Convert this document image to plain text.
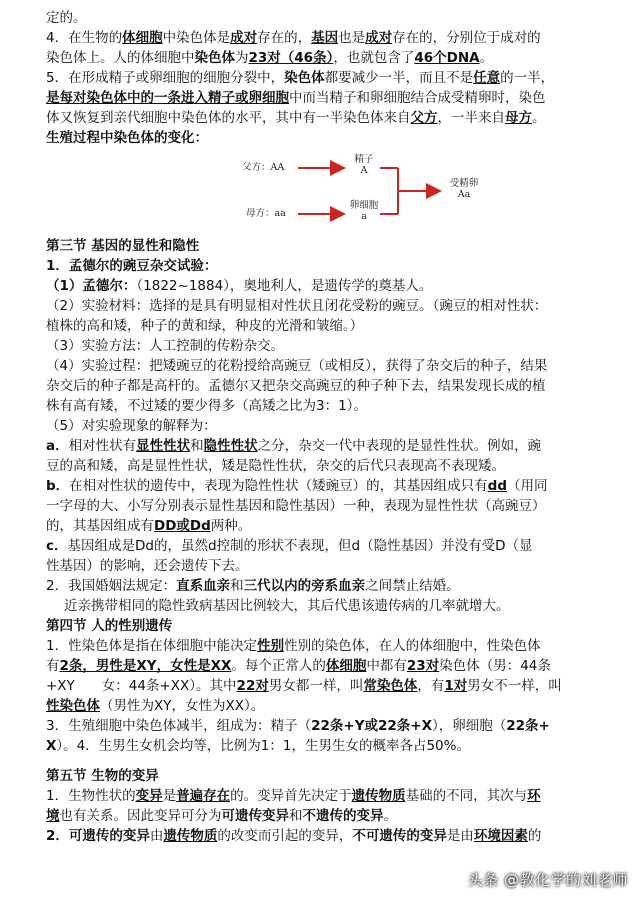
定的。
4．在生物的体细胞中染色体是成对存在的，基因也是成对存在的，分别位于成对的
染色体上。人的体细胞中染色体为23对（46条），也就包含了46个DNA。
5．在形成精子或卵细胞的细胞分裂中，染色体都要减少一半，而且不是任意的一半，
是每对染色体中的一条进入精子或卵细胞中而当精子和卵细胞结合成受精卵时，染色
体又恢复到亲代细胞中染色体的水平，其中有一半染色体来自父方，一半来自母方。
生殖过程中染色体的变化：
父方：AA
母方：aa
精子
A
卵细胞
a
受精卵
Aa
第三节 基因的显性和隐性
1．孟德尔的豌豆杂交试验：
（1）孟德尔：（1822~1884），奥地利人，是遗传学的奠基人。
（2）实验材料：选择的是具有明显相对性状且闭花受粉的豌豆。（豌豆的相对性状：
植株的高和矮，种子的黄和绿，种皮的光滑和皱缩。）
（3）实验方法：人工控制的传粉杂交。
（4）实验过程：把矮豌豆的花粉授给高豌豆（或相反），获得了杂交后的种子，结果
杂交后的种子都是高杆的。孟德尔又把杂交高豌豆的种子种下去，结果发现长成的植
株有高有矮，不过矮的要少得多（高矮之比为3：1）。
（5）对实验现象的解释为：
a．相对性状有显性性状和隐性性状之分，杂交一代中表现的是显性性状。例如，豌
豆的高和矮，高是显性性状，矮是隐性性状，杂交的后代只表现高不表现矮。
b．在相对性状的遗传中，表现为隐性性状（矮豌豆）的，其基因组成只有dd（用同
一字母的大、小写分别表示显性基因和隐性基因）一种，表现为显性性状（高豌豆）
的，其基因组成有DD或Dd两种。
c．基因组成是Dd的，虽然d控制的形状不表现，但d（隐性基因）并没有受D（显
性基因）的影响，还会遗传下去。
2．我国婚姻法规定：直系血亲和三代以内的旁系血亲之间禁止结婚。
近亲携带相同的隐性致病基因比例较大，其后代患该遗传病的几率就增大。
第四节 人的性别遗传
1．性染色体是指在体细胞中能决定性别性别的染色体，在人的体细胞中，性染色体
有2条，男性是XY，女性是XX。每个正常人的体细胞中都有23对染色体（男：44条
+XY　　女：44条+XX）。其中22对男女都一样，叫常染色体，有1对男女不一样，叫
性染色体（男性为XY，女性为XX）。
3．生殖细胞中染色体减半，组成为：精子（22条+Y或22条+X），卵细胞（22条+
X）。4．生男生女机会均等，比例为1：1，生男生女的概率各占50%。
第五节 生物的变异
1．生物性状的变异是普遍存在的。变异首先决定于遗传物质基础的不同，其次与环
境也有关系。因此变异可分为可遗传变异和不遗传的变异。
2．可遗传的变异由遗传物质的改变而引起的变异，不可遗传的变异是由环境因素的
头条 @教化学的刘老师
